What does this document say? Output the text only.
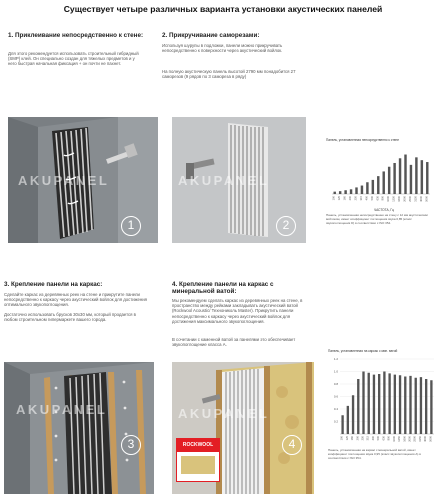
Существует четыре различных варианта установки акустических панелей
1. Приклеивание непосредственно к стене:
Для этого рекомендуется использовать строительный гибридный (SMP) клей. Он специально создан для тяжелых предметов и у него быстрая начальная фиксация + он почти не пахнет.
2. Прикручивание саморезами:
Используя шурупы в подложки, панели можно прикручивать непосредственно к поверхности через акустический войлок.
На полную акустическую панель высотой 2790 мм понадобится 27 саморезов (9 рядов по 3 самореза в ряду)
AKUPANEL
1
AKUPANEL
2
Панель, установленная непосредственно к стене
100 125 160 200 250 315 400 500 630 800 1000 1250 1600 2000 2500 3150 4000 5000
ЧАСТОТА, Гц
Панель, установленная непосредственно на стену с 12 мм акустическим войлоком, имеет коэффициент поглощения звука 0,85 (класс звукопоглощения D) в соответствии с ISO 354.
3. Крепление панели на каркас:
Сделайте каркас из деревянных реек на стене и прикрутите панели непосредственно к каркасу через акустический войлок для достижения оптимального звукопоглощения.
Достаточно использовать брусков 30x30 мм, который продается в любом строительном гипермаркете вашего города.
4. Крепление панели на каркас с минеральной ватой:
Мы рекомендуем сделать каркас из деревянных реек на стене, в пространство между рейками закладывать акустический ватой (Rockwool Acoustic/ Технониколь Master). Прикрутить панели непосредственно к каркасу через акустический войлок для достижения максимального звукопоглощения.
В сочетании с каменной ватой за панелями это обеспечивает звукопоглощение класса А.
AKUPANEL
3
AKUPANEL
ROCKWOOL	4
Панель, установленная на каркас с мин. ватой
1.2
1.0
0.8
0.6
0.4
0.2
100 125 160 200 250 315 400 500 630 800 1000 1250 1600 2000 2500 3150 4000 5000
Панель, установленная на каркас с минеральной ватой, имеет коэффициент поглощения звука 0,95 (класс звукопоглощения A) в соответствии с ISO 354.
